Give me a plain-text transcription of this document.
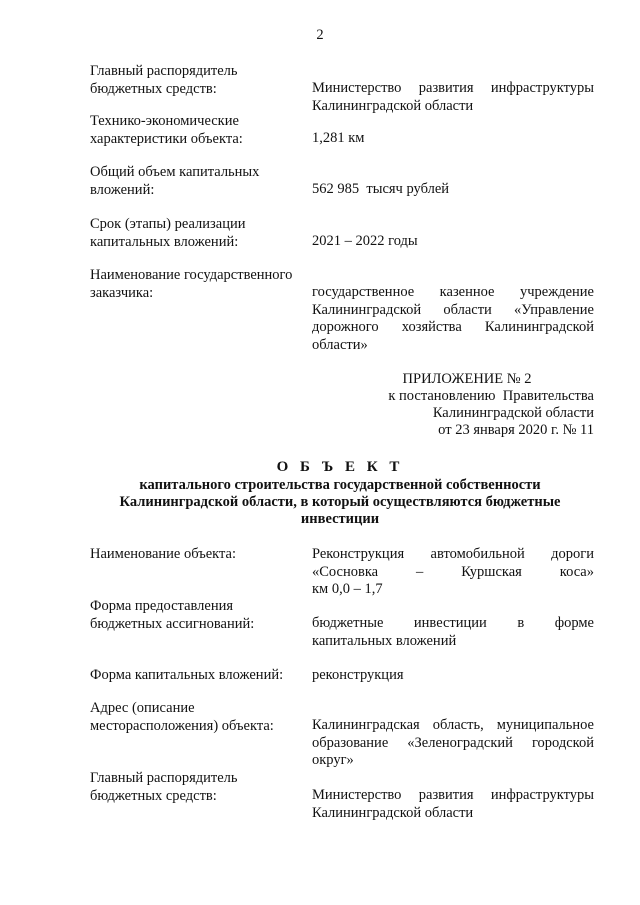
2
Главный распорядитель
бюджетных средств:	Министерство развития инфраструктуры
Калининградской области
Технико-экономические
характеристики объекта:	1,281 км
Общий объем капитальных
вложений:	562 985  тысяч рублей
Срок (этапы) реализации
капитальных вложений:	2021 – 2022 годы
Наименование государственного
заказчика:	государственное казенное учреждение
Калининградской области «Управление
дорожного хозяйства Калининградской
области»
ПРИЛОЖЕНИЕ № 2
к постановлению  Правительства
Калининградской области
от 23 января 2020 г. № 11
О Б Ъ Е К Т
капитального строительства государственной собственности
Калининградской области, в который осуществляются бюджетные
инвестиции
Наименование объекта:	Реконструкция автомобильной дороги
«Сосновка – Куршская коса»
км 0,0 – 1,7
Форма предоставления
бюджетных ассигнований:	бюджетные инвестиции в форме
капитальных вложений
Форма капитальных вложений:	реконструкция
Адрес (описание
месторасположения) объекта:	Калининградская область, муниципальное
образование «Зеленоградский городской
округ»
Главный распорядитель
бюджетных средств:	Министерство развития инфраструктуры
Калининградской области
